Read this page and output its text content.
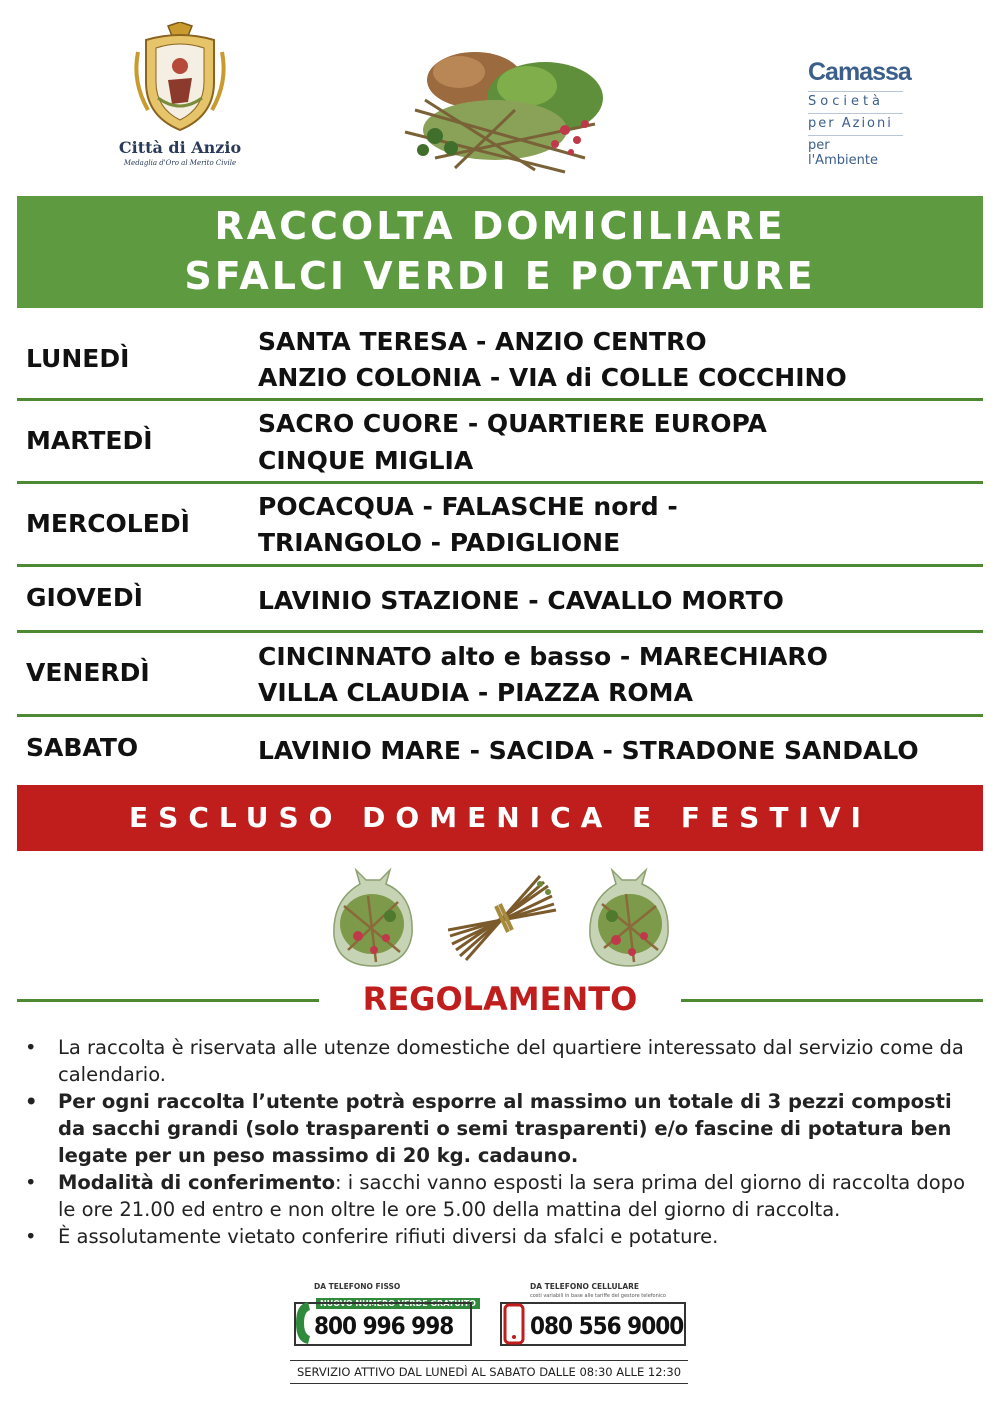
Città di Anzio
Medaglia d'Oro al Merito Civile
Camassa
Società
per Azioni
per l'Ambiente
RACCOLTA DOMICILIARE
SFALCI VERDI E POTATURE
LUNEDÌ
SANTA TERESA - ANZIO CENTRO
ANZIO COLONIA - VIA di COLLE COCCHINO
MARTEDÌ
SACRO CUORE - QUARTIERE EUROPA
CINQUE MIGLIA
MERCOLEDÌ
POCACQUA - FALASCHE nord -
TRIANGOLO - PADIGLIONE
GIOVEDÌ	LAVINIO STAZIONE - CAVALLO MORTO
VENERDÌ
CINCINNATO alto e basso - MARECHIARO
VILLA CLAUDIA - PIAZZA ROMA
SABATO	LAVINIO MARE - SACIDA - STRADONE SANDALO
ESCLUSO DOMENICA E FESTIVI
REGOLAMENTO
• La raccolta è riservata alle utenze domestiche del quartiere interessato dal servizio come da calendario.
• Per ogni raccolta l’utente potrà esporre al massimo un totale di 3 pezzi composti da sacchi grandi (solo trasparenti o semi trasparenti) e/o fascine di potatura ben legate per un peso massimo di 20 kg. cadauno.
• Modalità di conferimento: i sacchi vanno esposti la sera prima del giorno di raccolta dopo le ore 21.00 ed entro e non oltre le ore 5.00 della mattina del giorno di raccolta.
• È assolutamente vietato conferire rifiuti diversi da sfalci e potature.
DA TELEFONO FISSO
NUOVO NUMERO VERDE GRATUITO
800 996 998
DA TELEFONO CELLULARE
costi variabili in base alle tariffe del gestore telefonico
080 556 9000
SERVIZIO ATTIVO DAL LUNEDÌ AL SABATO DALLE 08:30 ALLE 12:30
